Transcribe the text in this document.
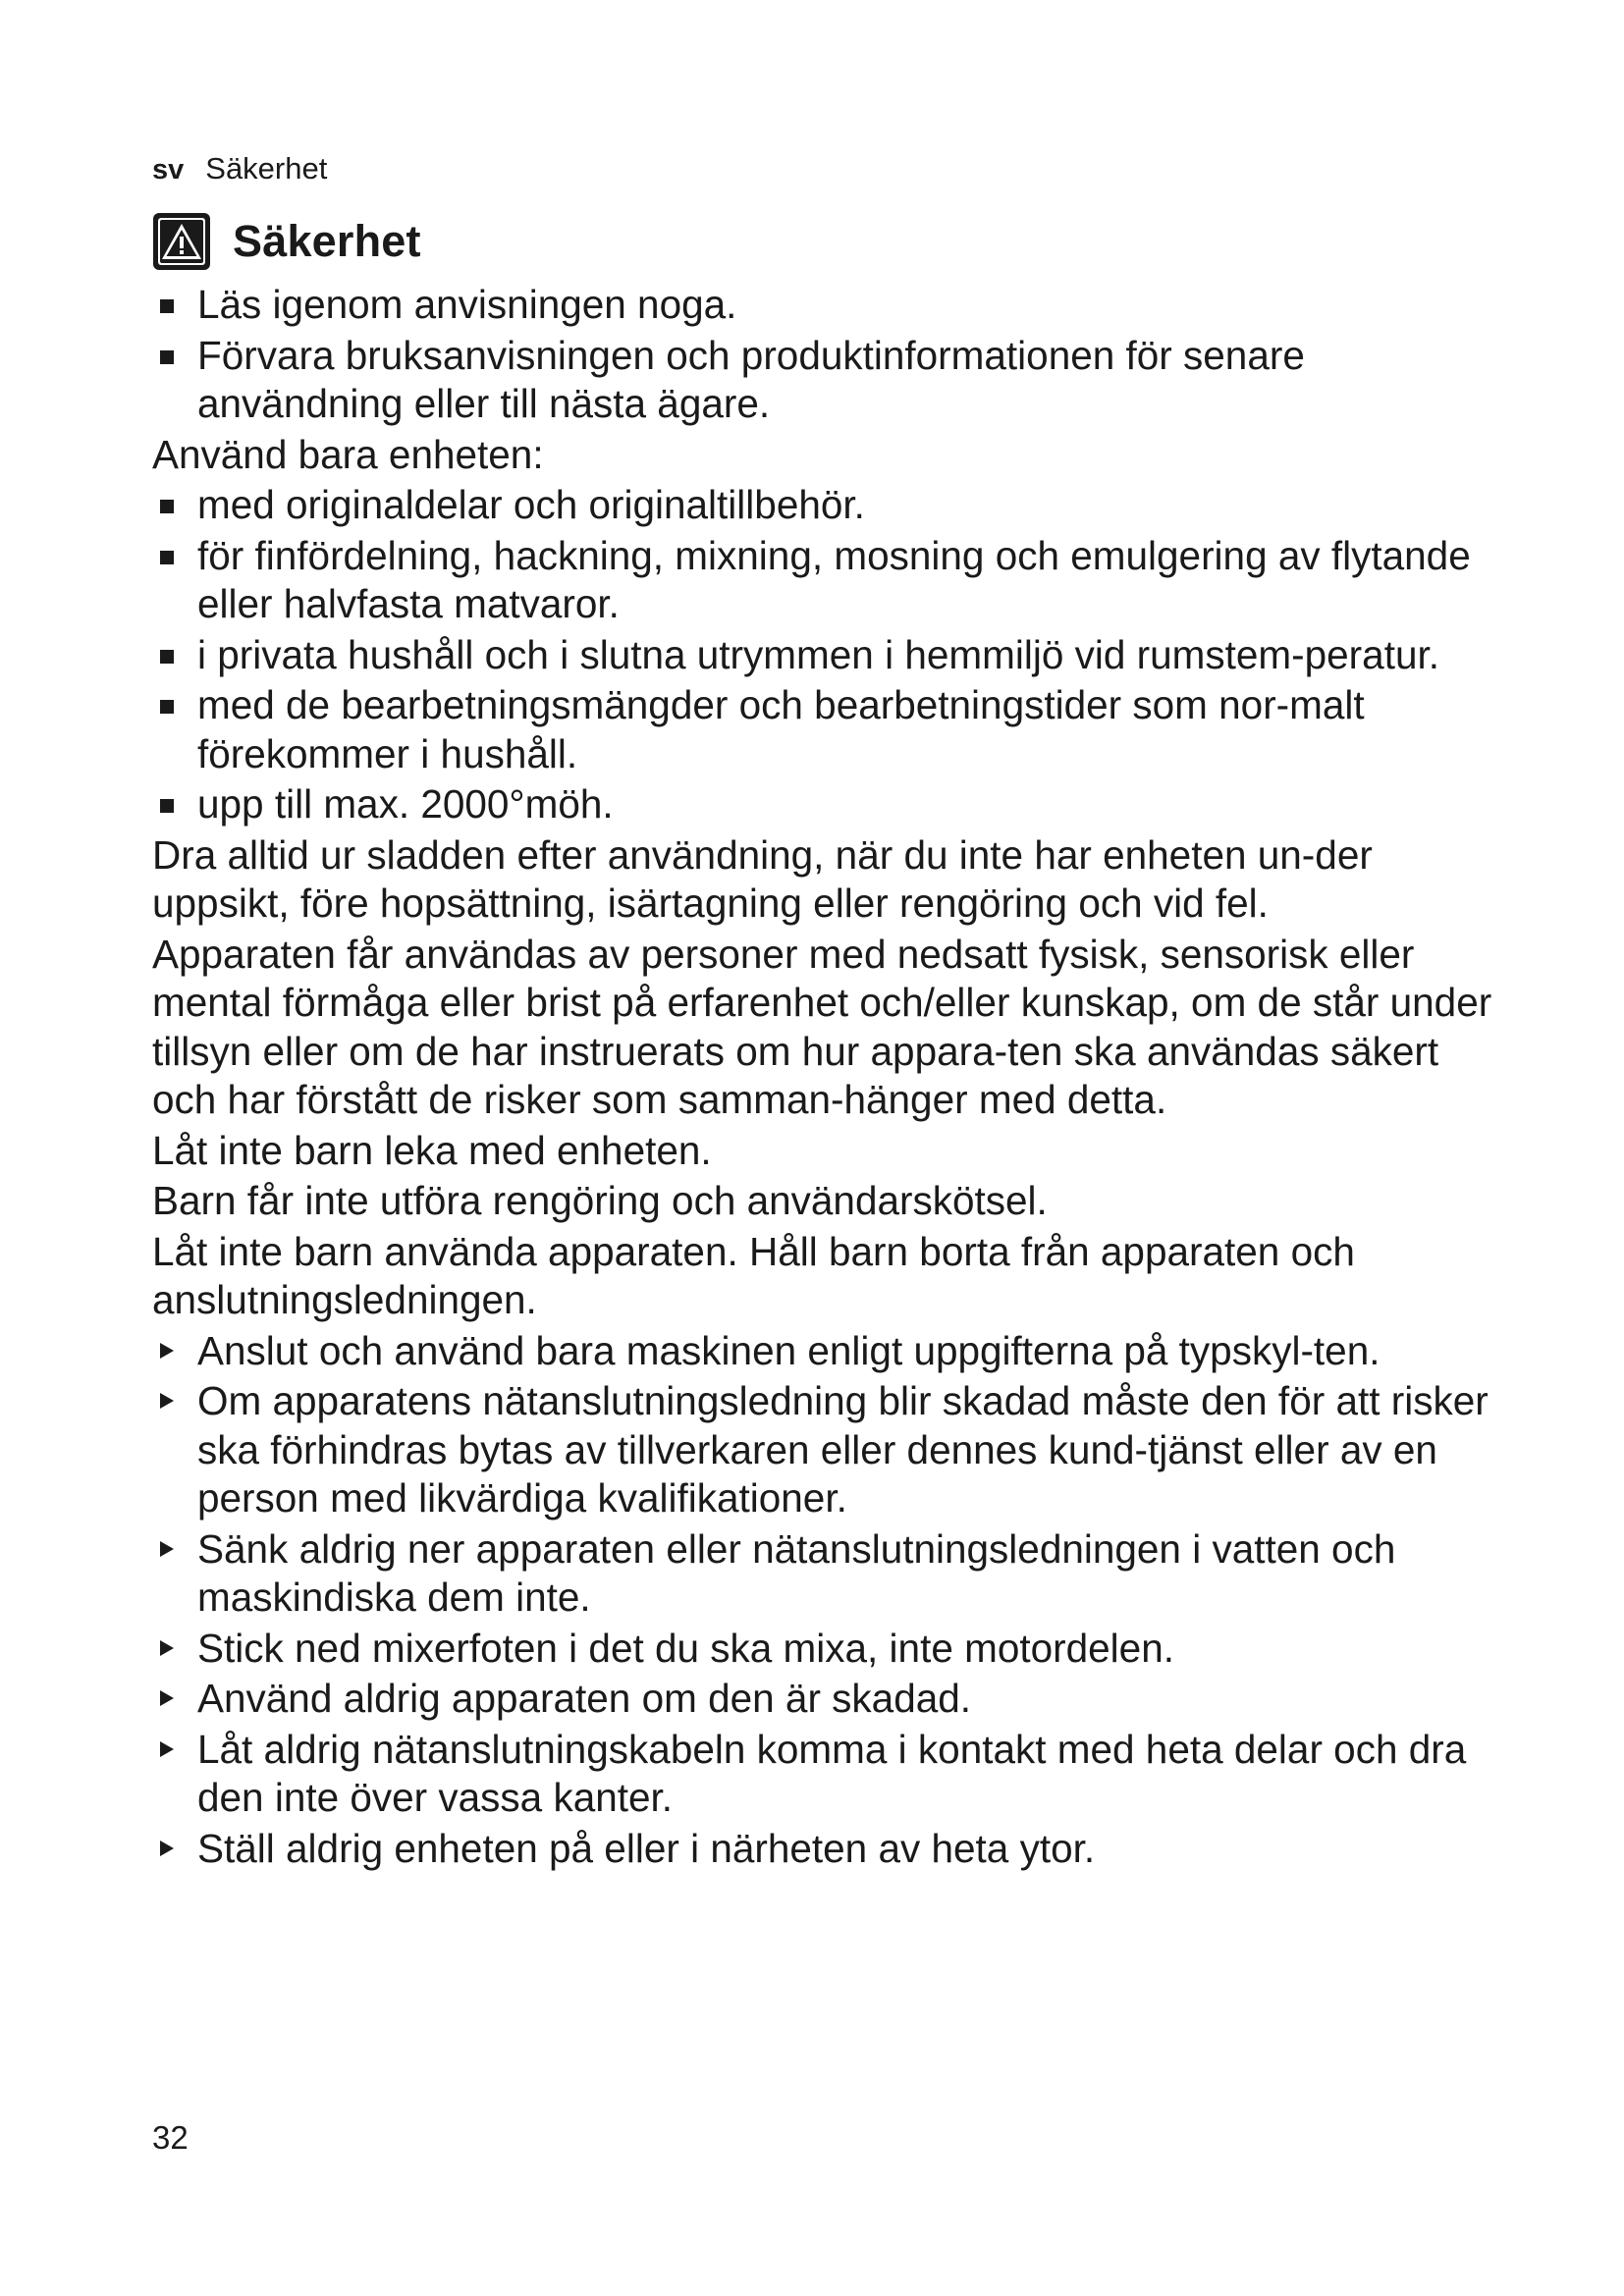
sv Säkerhet
Säkerhet
Läs igenom anvisningen noga.
Förvara bruksanvisningen och produktinformationen för senare användning eller till nästa ägare.

Använd bara enheten:

med originaldelar och originaltillbehör.
för finfördelning, hackning, mixning, mosning och emulgering av flytande eller halvfasta matvaror.
i privata hushåll och i slutna utrymmen i hemmiljö vid rumstem-peratur.
med de bearbetningsmängder och bearbetningstider som nor-malt förekommer i hushåll.
upp till max. 2000°möh.

Dra alltid ur sladden efter användning, när du inte har enheten un-der uppsikt, före hopsättning, isärtagning eller rengöring och vid fel.

Apparaten får användas av personer med nedsatt fysisk, sensorisk eller mental förmåga eller brist på erfarenhet och/eller kunskap, om de står under tillsyn eller om de har instruerats om hur appara-ten ska användas säkert och har förstått de risker som samman-hänger med detta.

Låt inte barn leka med enheten.

Barn får inte utföra rengöring och användarskötsel.

Låt inte barn använda apparaten. Håll barn borta från apparaten och anslutningsledningen.

Anslut och använd bara maskinen enligt uppgifterna på typskyl-ten.
Om apparatens nätanslutningsledning blir skadad måste den för att risker ska förhindras bytas av tillverkaren eller dennes kund-tjänst eller av en person med likvärdiga kvalifikationer.
Sänk aldrig ner apparaten eller nätanslutningsledningen i vatten och maskindiska dem inte.
Stick ned mixerfoten i det du ska mixa, inte motordelen.
Använd aldrig apparaten om den är skadad.
Låt aldrig nätanslutningskabeln komma i kontakt med heta delar och dra den inte över vassa kanter.
Ställ aldrig enheten på eller i närheten av heta ytor.
32
